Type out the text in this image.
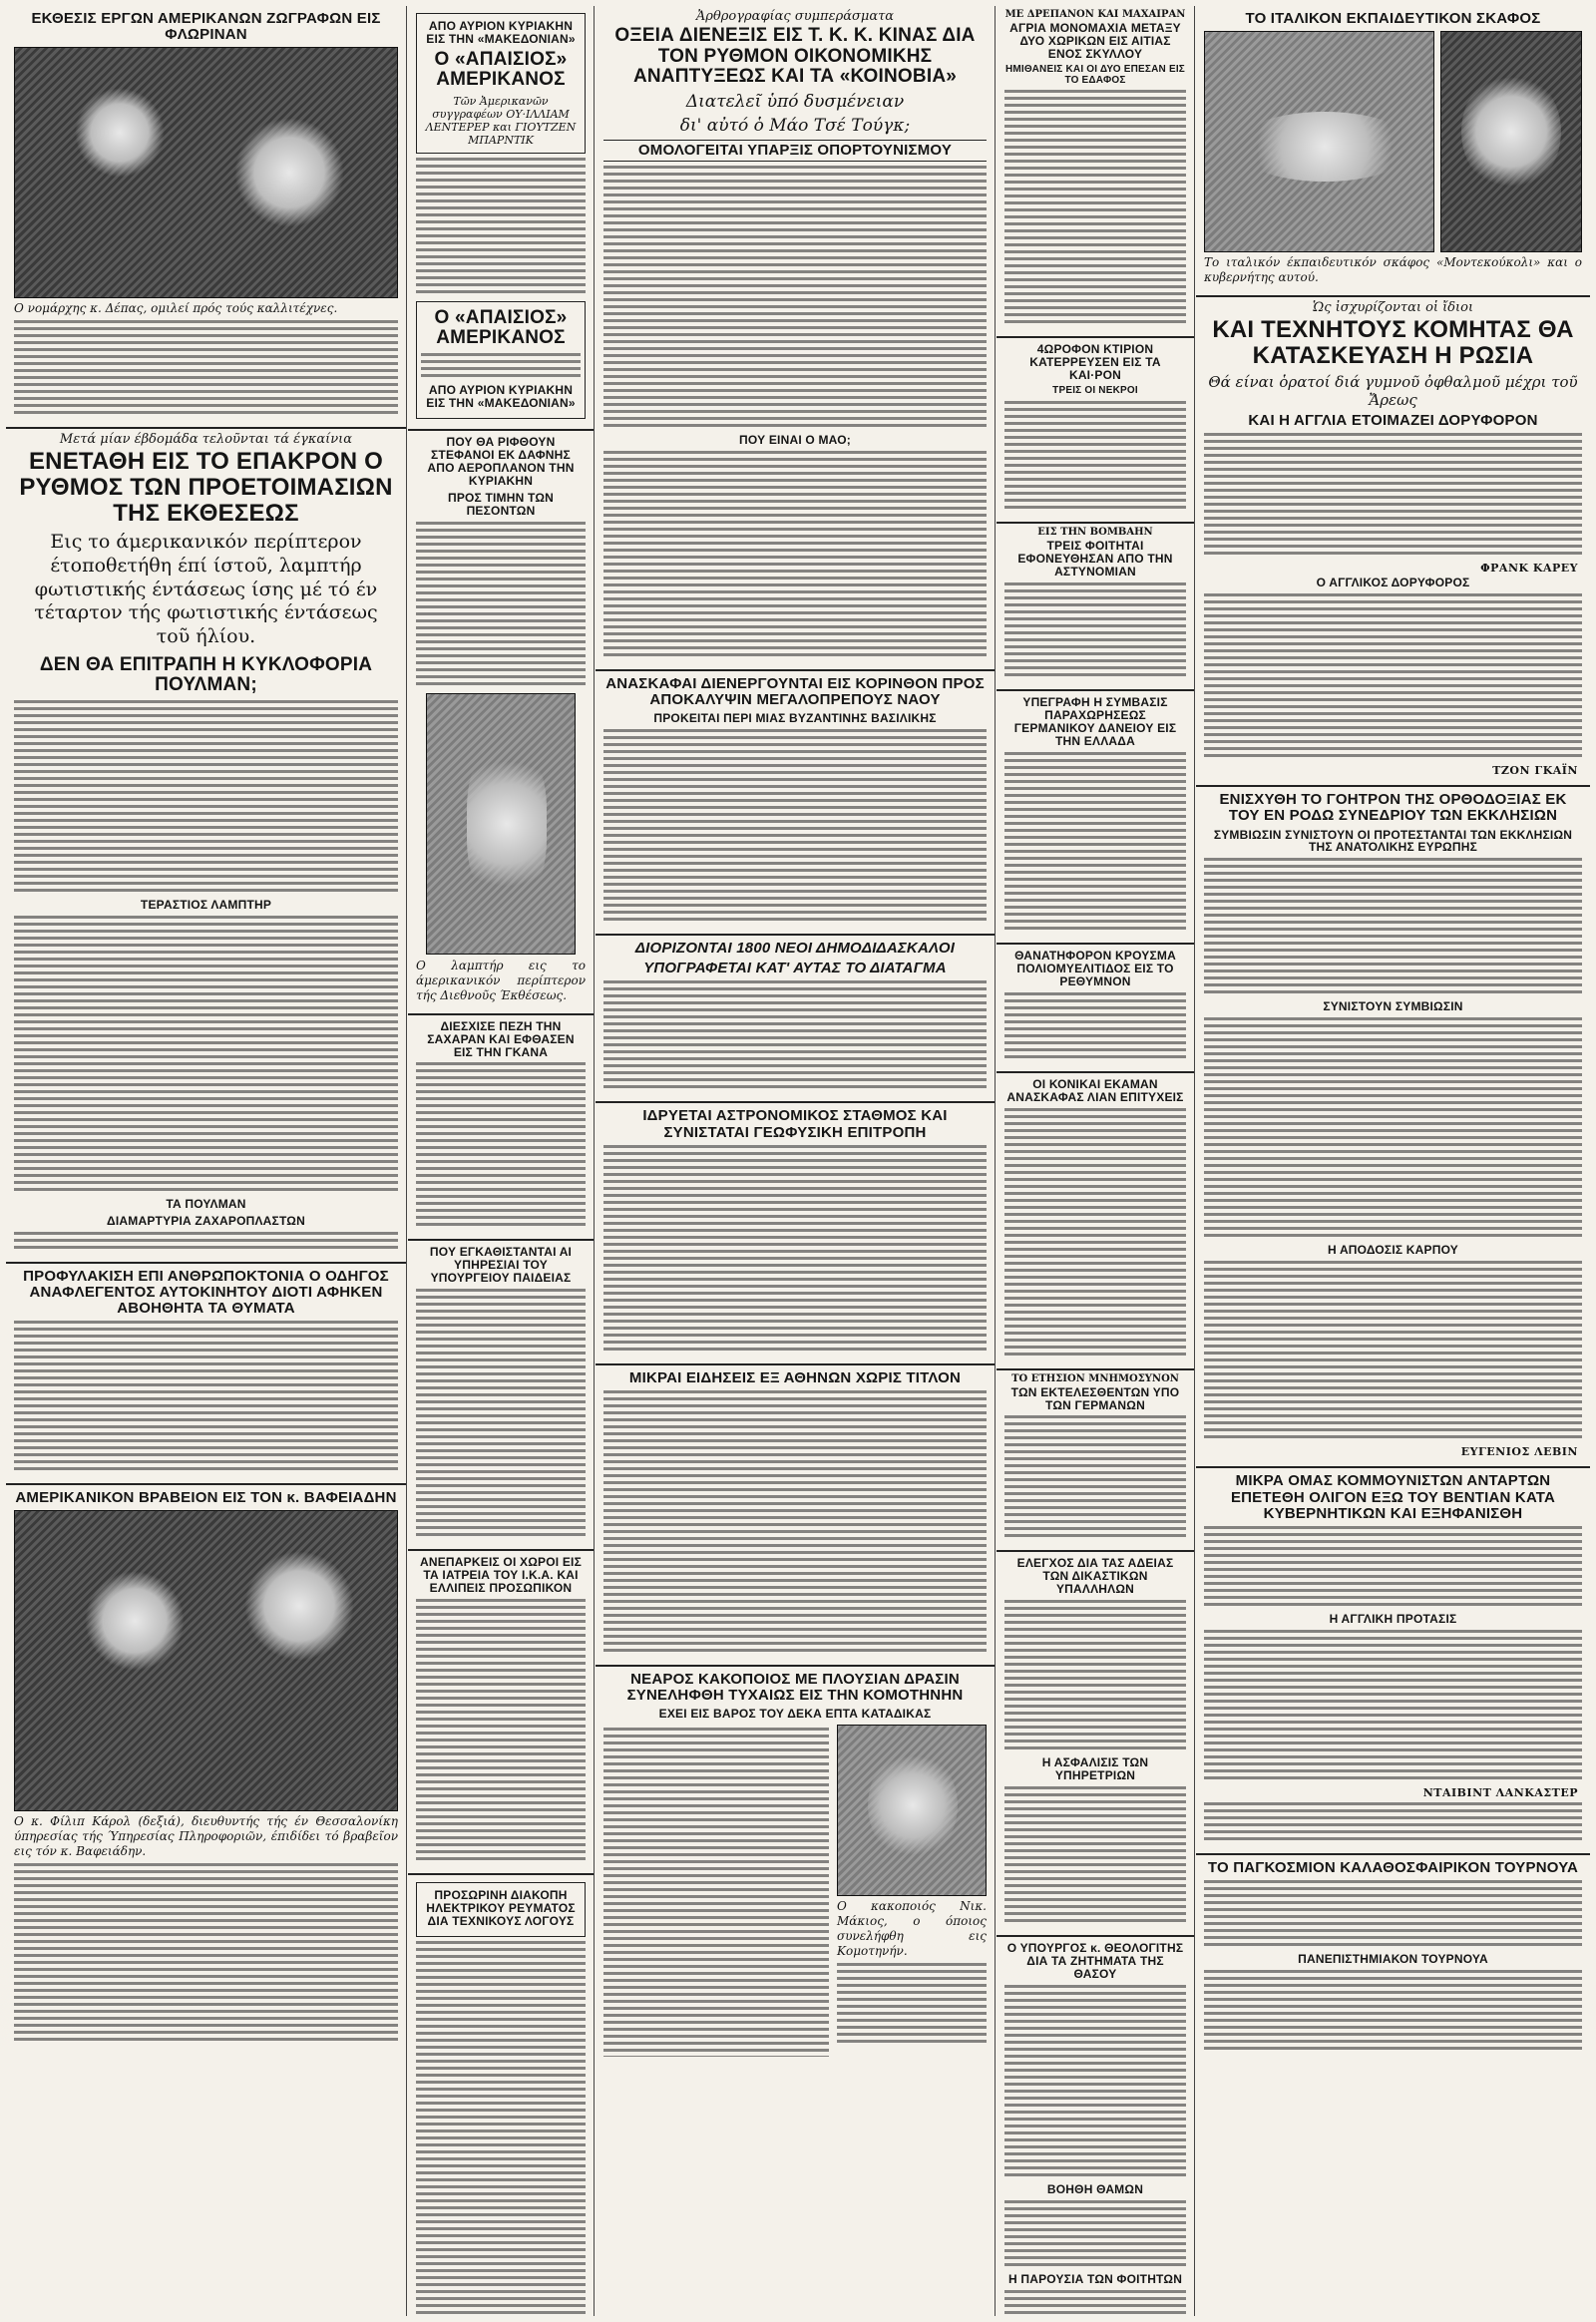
ΕΚΘΕΣΙΣ ΕΡΓΩΝ ΑΜΕΡΙΚΑΝΩΝ ΖΩΓΡΑΦΩΝ ΕΙΣ ΦΛΩΡΙΝΑΝ
Ο νομάρχης κ. Δέπας, ομιλεί πρός τούς καλλιτέχνες.
Μετά μίαν έβδομάδα τελοῦνται τά έγκαίνια
ΕΝΕΤΑΘΗ ΕΙΣ ΤΟ ΕΠΑΚΡΟΝ Ο ΡΥΘΜΟΣ ΤΩΝ ΠΡΟΕΤΟΙΜΑΣΙΩΝ ΤΗΣ ΕΚΘΕΣΕΩΣ
Εις το άμερικανικόν περίπτερον έτοποθετήθη έπί ίστοῦ, λαμπτήρ φωτιστικής έντάσεως ίσης μέ τό έν τέταρτον τής φωτιστικής έντάσεως τοῦ ήλίου.
ΔΕΝ ΘΑ ΕΠΙΤΡΑΠΗ Η ΚΥΚΛΟΦΟΡΙΑ ΠΟΥΛΜΑΝ;
ΤΕΡΑΣΤΙΟΣ ΛΑΜΠΤΗΡ
ΤΑ ΠΟΥΛΜΑΝ
ΔΙΑΜΑΡΤΥΡΙΑ ΖΑΧΑΡΟΠΛΑΣΤΩΝ
ΠΡΟΦΥΛΑΚΙΣΗ ΕΠΙ ΑΝΘΡΩΠΟΚΤΟΝΙΑ Ο ΟΔΗΓΟΣ ΑΝΑΦΛΕΓΕΝΤΟΣ ΑΥΤΟΚΙΝΗΤΟΥ ΔΙΟΤΙ ΑΦΗΚΕΝ ΑΒΟΗΘΗΤΑ ΤΑ ΘΥΜΑΤΑ
ΑΜΕΡΙΚΑΝΙΚΟΝ ΒΡΑΒΕΙΟΝ ΕΙΣ ΤΟΝ κ. ΒΑΦΕΙΑΔΗΝ
Ο κ. Φίλιπ Κάρολ (δεξιά), διευθυντής τής έν Θεσσαλονίκη ύπηρεσίας τής Ύπηρεσίας Πληροφοριῶν, έπιδίδει τό βραβεῖον εις τόν κ. Βαφειάδην.
ΑΠΟ ΑΥΡΙΟΝ ΚΥΡΙΑΚΗΝ ΕΙΣ ΤΗΝ «ΜΑΚΕΔΟΝΙΑΝ»
Ο «ΑΠΑΙΣΙΟΣ» ΑΜΕΡΙΚΑΝΟΣ
Τῶν Ἀμερικανῶν συγγραφέων ΟΥ·ΙΛΛΙΑΜ ΛΕΝΤΕΡΕΡ και ΓΙΟΥΤΖΕΝ ΜΠΑΡΝΤΙΚ
Ο «ΑΠΑΙΣΙΟΣ» ΑΜΕΡΙΚΑΝΟΣ
ΑΠΟ ΑΥΡΙΟΝ ΚΥΡΙΑΚΗΝ ΕΙΣ ΤΗΝ «ΜΑΚΕΔΟΝΙΑΝ»
ΠΟΥ ΘΑ ΡΙΦΘΟΥΝ ΣΤΕΦΑΝΟΙ ΕΚ ΔΑΦΝΗΣ ΑΠΟ ΑΕΡΟΠΛΑΝΟΝ ΤΗΝ ΚΥΡΙΑΚΗΝ
ΠΡΟΣ ΤΙΜΗΝ ΤΩΝ ΠΕΣΟΝΤΩΝ
Ο λαμπτήρ εις το άμερικανικόν περίπτερον τής Διεθνοῦς Έκθέσεως.
ΔΙΕΣΧΙΣΕ ΠΕΖΗ ΤΗΝ ΣΑΧΑΡΑΝ ΚΑΙ ΕΦΘΑΣΕΝ ΕΙΣ ΤΗΝ ΓΚΑΝΑ
ΠΟΥ ΕΓΚΑΘΙΣΤΑΝΤΑΙ ΑΙ ΥΠΗΡΕΣΙΑΙ ΤΟΥ ΥΠΟΥΡΓΕΙΟΥ ΠΑΙΔΕΙΑΣ
ΑΝΕΠΑΡΚΕΙΣ ΟΙ ΧΩΡΟΙ ΕΙΣ ΤΑ ΙΑΤΡΕΙΑ ΤΟΥ Ι.Κ.Α. ΚΑΙ ΕΛΛΙΠΕΙΣ ΠΡΟΣΩΠΙΚΟΝ
ΠΡΟΣΩΡΙΝΗ ΔΙΑΚΟΠΗ ΗΛΕΚΤΡΙΚΟΥ ΡΕΥΜΑΤΟΣ ΔΙΑ ΤΕΧΝΙΚΟΥΣ ΛΟΓΟΥΣ
Ἀρθρογραφίας συμπεράσματα
ΟΞΕΙΑ ΔΙΕΝΕΞΙΣ ΕΙΣ Τ. Κ. Κ. ΚΙΝΑΣ ΔΙΑ ΤΟΝ ΡΥΘΜΟΝ ΟΙΚΟΝΟΜΙΚΗΣ ΑΝΑΠΤΥΞΕΩΣ ΚΑΙ ΤΑ «ΚΟΙΝΟΒΙΑ»
Διατελεῖ ὑπό δυσμένειαν
δι' αὐτό ὁ Μάο Τσέ Τούγκ;
ΟΜΟΛΟΓΕΙΤΑΙ ΥΠΑΡΞΙΣ ΟΠΟΡΤΟΥΝΙΣΜΟΥ
ΠΟΥ ΕΙΝΑΙ Ο ΜΑΟ;
ΑΝΑΣΚΑΦΑΙ ΔΙΕΝΕΡΓΟΥΝΤΑΙ ΕΙΣ ΚΟΡΙΝΘΟΝ ΠΡΟΣ ΑΠΟΚΑΛΥΨΙΝ ΜΕΓΑΛΟΠΡΕΠΟΥΣ ΝΑΟΥ
ΠΡΟΚΕΙΤΑΙ ΠΕΡΙ ΜΙΑΣ ΒΥΖΑΝΤΙΝΗΣ ΒΑΣΙΛΙΚΗΣ
ΔΙΟΡΙΖΟΝΤΑΙ 1800 ΝΕΟΙ ΔΗΜΟΔΙΔΑΣΚΑΛΟΙ
ΥΠΟΓΡΑΦΕΤΑΙ ΚΑΤ' ΑΥΤΑΣ ΤΟ ΔΙΑΤΑΓΜΑ
ΙΔΡΥΕΤΑΙ ΑΣΤΡΟΝΟΜΙΚΟΣ ΣΤΑΘΜΟΣ ΚΑΙ ΣΥΝΙΣΤΑΤΑΙ ΓΕΩΦΥΣΙΚΗ ΕΠΙΤΡΟΠΗ
ΜΙΚΡΑΙ ΕΙΔΗΣΕΙΣ ΕΞ ΑΘΗΝΩΝ ΧΩΡΙΣ ΤΙΤΛΟΝ
ΝΕΑΡΟΣ ΚΑΚΟΠΟΙΟΣ ΜΕ ΠΛΟΥΣΙΑΝ ΔΡΑΣΙΝ ΣΥΝΕΛΗΦΘΗ ΤΥΧΑΙΩΣ ΕΙΣ ΤΗΝ ΚΟΜΟΤΗΝΗΝ
ΕΧΕΙ ΕΙΣ ΒΑΡΟΣ ΤΟΥ ΔΕΚΑ ΕΠΤΑ ΚΑΤΑΔΙΚΑΣ
Ο κακοποιός Νικ. Μάκιος, ο όποιος συνελήφθη εις Κομοτηνήν.
ΜΕ ΔΡΕΠΑΝΟΝ ΚΑΙ ΜΑΧΑΙΡΑΝ
ΑΓΡΙΑ ΜΟΝΟΜΑΧΙΑ ΜΕΤΑΞΥ ΔΥΟ ΧΩΡΙΚΩΝ ΕΙΣ ΑΙΤΙΑΣ ΕΝΟΣ ΣΚΥΛΛΟΥ
ΗΜΙΘΑΝΕΙΣ ΚΑΙ ΟΙ ΔΥΟ ΕΠΕΣΑΝ ΕΙΣ ΤΟ ΕΔΑΦΟΣ
4ΩΡΟΦΟΝ ΚΤΙΡΙΟΝ ΚΑΤΕΡΡΕΥΣΕΝ ΕΙΣ ΤΑ ΚΑΙ·ΡΟΝ
ΤΡΕΙΣ ΟΙ ΝΕΚΡΟΙ
ΕΙΣ ΤΗΝ ΒΟΜΒΑΗΝ
ΤΡΕΙΣ ΦΟΙΤΗΤΑΙ ΕΦΟΝΕΥΘΗΣΑΝ ΑΠΟ ΤΗΝ ΑΣΤΥΝΟΜΙΑΝ
ΥΠΕΓΡΑΦΗ Η ΣΥΜΒΑΣΙΣ ΠΑΡΑΧΩΡΗΣΕΩΣ ΓΕΡΜΑΝΙΚΟΥ ΔΑΝΕΙΟΥ ΕΙΣ ΤΗΝ ΕΛΛΑΔΑ
ΘΑΝΑΤΗΦΟΡΟΝ ΚΡΟΥΣΜΑ ΠΟΛΙΟΜΥΕΛΙΤΙΔΟΣ ΕΙΣ ΤΟ ΡΕΘΥΜΝΟΝ
ΟΙ ΚΟΝΙΚΑΙ ΕΚΑΜΑΝ ΑΝΑΣΚΑΦΑΣ ΛΙΑΝ ΕΠΙΤΥΧΕΙΣ
ΤΟ ΕΤΗΣΙΟΝ ΜΝΗΜΟΣΥΝΟΝ
ΤΩΝ ΕΚΤΕΛΕΣΘΕΝΤΩΝ ΥΠΟ ΤΩΝ ΓΕΡΜΑΝΩΝ
ΕΛΕΓΧΟΣ ΔΙΑ ΤΑΣ ΑΔΕΙΑΣ ΤΩΝ ΔΙΚΑΣΤΙΚΩΝ ΥΠΑΛΛΗΛΩΝ
Η ΑΣΦΑΛΙΣΙΣ ΤΩΝ ΥΠΗΡΕΤΡΙΩΝ
Ο ΥΠΟΥΡΓΟΣ κ. ΘΕΟΛΟΓΙΤΗΣ ΔΙΑ ΤΑ ΖΗΤΗΜΑΤΑ ΤΗΣ ΘΑΣΟΥ
ΒΟΗΘΗ ΘΑΜΩΝ
Η ΠΑΡΟΥΣΙΑ ΤΩΝ ΦΟΙΤΗΤΩΝ
ΤΟ ΙΤΑΛΙΚΟΝ ΕΚΠΑΙΔΕΥΤΙΚΟΝ ΣΚΑΦΟΣ
Το ιταλικόν έκπαιδευτικόν σκάφος «Μοντεκούκολι» και ο κυβερνήτης αυτού.
Ὡς ἰσχυρίζονται οἱ ἴδιοι
ΚΑΙ ΤΕΧΝΗΤΟΥΣ ΚΟΜΗΤΑΣ ΘΑ ΚΑΤΑΣΚΕΥΑΣΗ Η ΡΩΣΙΑ
Θά είναι ὁρατοί διά γυμνοῦ ὀφθαλμοῦ μέχρι τοῦ Ἄρεως
ΚΑΙ Η ΑΓΓΛΙΑ ΕΤΟΙΜΑΖΕΙ ΔΟΡΥΦΟΡΟΝ
ΦΡΑΝΚ ΚΑΡΕΥ
Ο ΑΓΓΛΙΚΟΣ ΔΟΡΥΦΟΡΟΣ
ΤΖΟΝ ΓΚΑΪΝ
ΕΝΙΣΧΥΘΗ ΤΟ ΓΟΗΤΡΟΝ ΤΗΣ ΟΡΘΟΔΟΞΙΑΣ ΕΚ ΤΟΥ ΕΝ ΡΟΔΩ ΣΥΝΕΔΡΙΟΥ ΤΩΝ ΕΚΚΛΗΣΙΩΝ
ΣΥΜΒΙΩΣΙΝ ΣΥΝΙΣΤΟΥΝ ΟΙ ΠΡΟΤΕΣΤΑΝΤΑΙ ΤΩΝ ΕΚΚΛΗΣΙΩΝ ΤΗΣ ΑΝΑΤΟΛΙΚΗΣ ΕΥΡΩΠΗΣ
ΣΥΝΙΣΤΟΥΝ ΣΥΜΒΙΩΣΙΝ
Η ΑΠΟΔΟΣΙΣ ΚΑΡΠΟΥ
ΕΥΓΕΝΙΟΣ ΛΕΒΙΝ
ΜΙΚΡΑ ΟΜΑΣ ΚΟΜΜΟΥΝΙΣΤΩΝ ΑΝΤΑΡΤΩΝ ΕΠΕΤΕΘΗ ΟΛΙΓΟΝ ΕΞΩ ΤΟΥ ΒΕΝΤΙΑΝ ΚΑΤΑ ΚΥΒΕΡΝΗΤΙΚΩΝ ΚΑΙ ΕΞΗΦΑΝΙΣΘΗ
Η ΑΓΓΛΙΚΗ ΠΡΟΤΑΣΙΣ
ΝΤΑΙΒΙΝΤ ΛΑΝΚΑΣΤΕΡ
ΤΟ ΠΑΓΚΟΣΜΙΟΝ ΚΑΛΑΘΟΣΦΑΙΡΙΚΟΝ ΤΟΥΡΝΟΥΑ
ΠΑΝΕΠΙΣΤΗΜΙΑΚΟΝ ΤΟΥΡΝΟΥΑ
